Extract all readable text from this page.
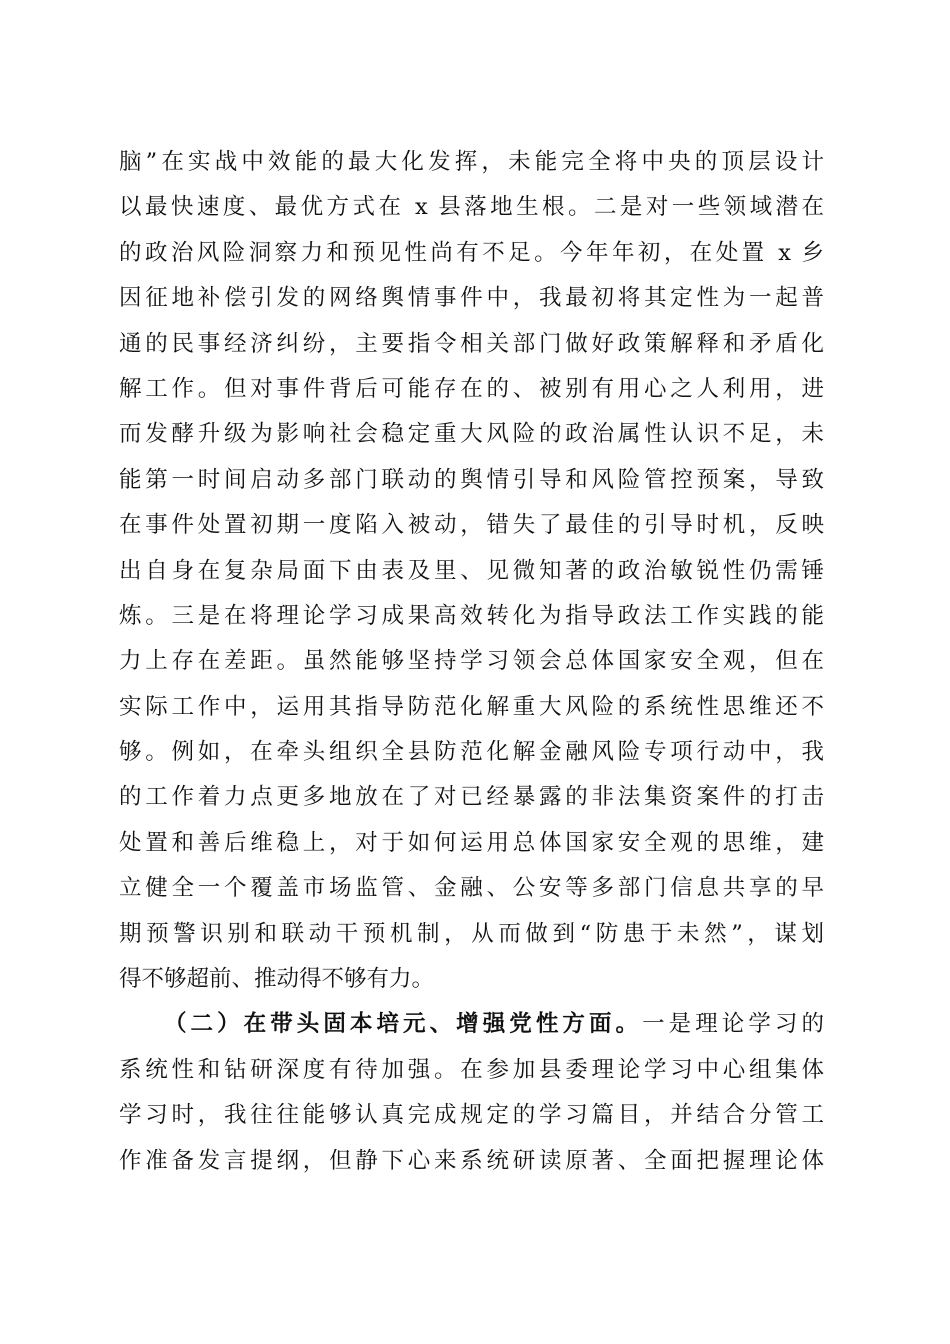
脑”在实战中效能的最大化发挥，未能完全将中央的顶层设计
以最快速度、最优方式在 x 县落地生根。二是对一些领域潜在
的政治风险洞察力和预见性尚有不足。今年年初，在处置 x 乡
因征地补偿引发的网络舆情事件中，我最初将其定性为一起普
通的民事经济纠纷，主要指令相关部门做好政策解释和矛盾化
解工作。但对事件背后可能存在的、被别有用心之人利用，进
而发酵升级为影响社会稳定重大风险的政治属性认识不足，未
能第一时间启动多部门联动的舆情引导和风险管控预案，导致
在事件处置初期一度陷入被动，错失了最佳的引导时机，反映
出自身在复杂局面下由表及里、见微知著的政治敏锐性仍需锤
炼。三是在将理论学习成果高效转化为指导政法工作实践的能
力上存在差距。虽然能够坚持学习领会总体国家安全观，但在
实际工作中，运用其指导防范化解重大风险的系统性思维还不
够。例如，在牵头组织全县防范化解金融风险专项行动中，我
的工作着力点更多地放在了对已经暴露的非法集资案件的打击
处置和善后维稳上，对于如何运用总体国家安全观的思维，建
立健全一个覆盖市场监管、金融、公安等多部门信息共享的早
期预警识别和联动干预机制，从而做到“防患于未然”，谋划
得不够超前、推动得不够有力。
（二）在带头固本培元、增强党性方面。一是理论学习的
系统性和钻研深度有待加强。在参加县委理论学习中心组集体
学习时，我往往能够认真完成规定的学习篇目，并结合分管工
作准备发言提纲，但静下心来系统研读原著、全面把握理论体
